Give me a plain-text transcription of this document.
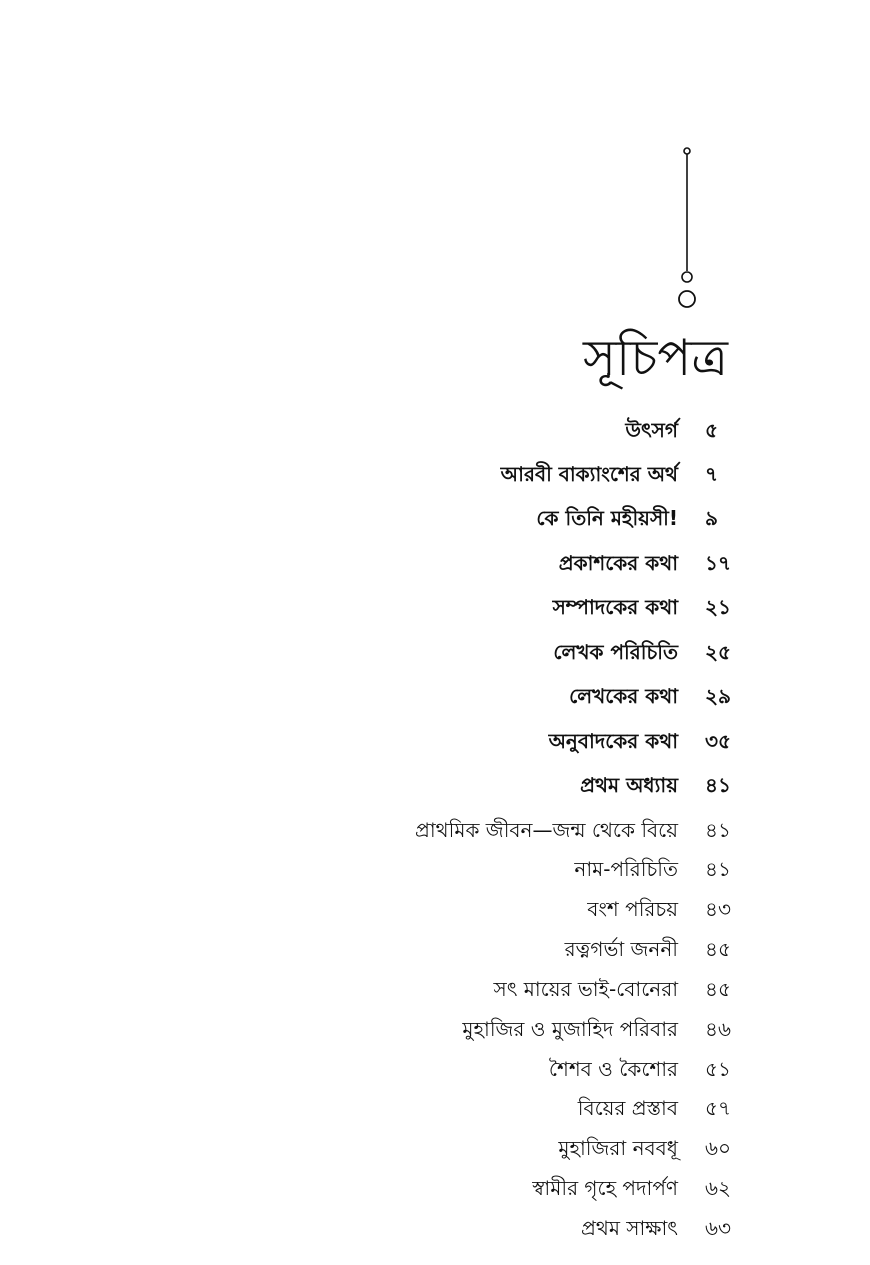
সূচিপত্র
উৎসর্গ ৫
আরবী বাক্যাংশের অর্থ ৭
কে তিনি মহীয়সী! ৯
প্রকাশকের কথা ১৭
সম্পাদকের কথা ২১
লেখক পরিচিতি ২৫
লেখকের কথা ২৯
অনুবাদকের কথা ৩৫
প্রথম অধ্যায় ৪১
প্রাথমিক জীবন—জন্ম থেকে বিয়ে ৪১
নাম-পরিচিতি ৪১
বংশ পরিচয় ৪৩
রত্নগর্ভা জননী ৪৫
সৎ মায়ের ভাই-বোনেরা ৪৫
মুহাজির ও মুজাহিদ পরিবার ৪৬
শৈশব ও কৈশোর ৫১
বিয়ের প্রস্তাব ৫৭
মুহাজিরা নববধূ ৬০
স্বামীর গৃহে পদার্পণ ৬২
প্রথম সাক্ষাৎ ৬৩
